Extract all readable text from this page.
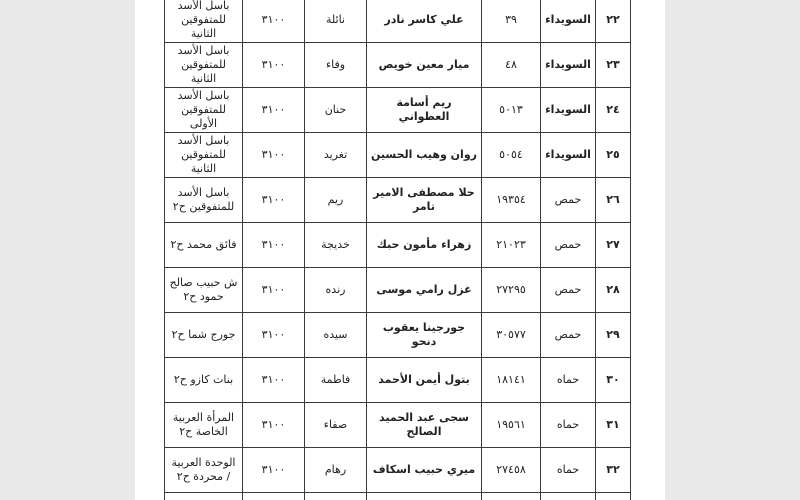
٢٢	السويداء	٣٩	علي كاسر نادر	نائلة	٣١٠٠	باسل الأسد للمتفوقين الثانية
٢٣	السويداء	٤٨	ميار معين خويص	وفاء	٣١٠٠	باسل الأسد للمتفوقين الثانية
٢٤	السويداء	٥٠١٣	ريم أسامة العطواني	حنان	٣١٠٠	باسل الأسد للمتفوقين الأولى
٢٥	السويداء	٥٠٥٤	روان وهيب الحسين	تغريد	٣١٠٠	باسل الأسد للمتفوقين الثانية
٢٦	حمص	١٩٣٥٤	حلا مصطفى الامير تامر	ريم	٣١٠٠	باسل الأسد للمتفوقين ح٢
٢٧	حمص	٢١٠٢٣	زهراء مأمون حبك	خديجة	٣١٠٠	فائق محمد ح٢
٢٨	حمص	٢٧٢٩٥	غزل رامي موسى	رنده	٣١٠٠	ش حبيب صالح حمود ح٢
٢٩	حمص	٣٠٥٧٧	جورجينا يعقوب دنحو	سيده	٣١٠٠	جورج شما ح٢
٣٠	حماه	١٨١٤١	بتول أيمن الأحمد	فاطمة	٣١٠٠	بنات كازو ح٢
٣١	حماه	١٩٥٦١	سجى عبد الحميد الصالح	صفاء	٣١٠٠	المرأة العربية الخاصة ح٢
٣٢	حماه	٢٧٤٥٨	ميري حبيب اسكاف	رهام	٣١٠٠	الوحدة العربية / محردة ح٢
